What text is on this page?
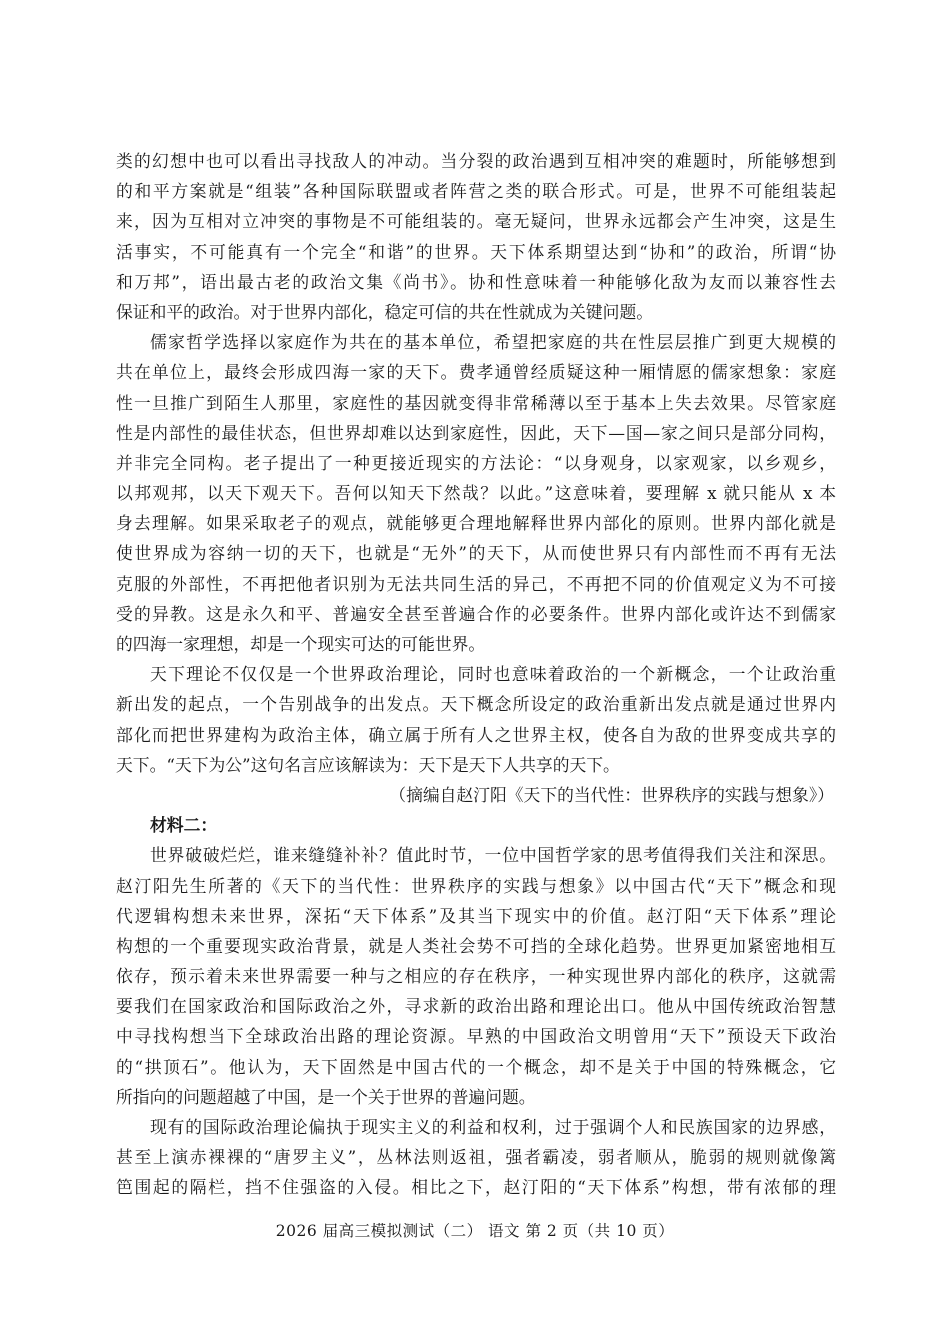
类的幻想中也可以看出寻找敌人的冲动。当分裂的政治遇到互相冲突的难题时，所能够想到
的和平方案就是“组装”各种国际联盟或者阵营之类的联合形式。可是，世界不可能组装起
来，因为互相对立冲突的事物是不可能组装的。毫无疑问，世界永远都会产生冲突，这是生
活事实，不可能真有一个完全“和谐”的世界。天下体系期望达到“协和”的政治，所谓“协
和万邦”，语出最古老的政治文集《尚书》。协和性意味着一种能够化敌为友而以兼容性去
保证和平的政治。对于世界内部化，稳定可信的共在性就成为关键问题。
儒家哲学选择以家庭作为共在的基本单位，希望把家庭的共在性层层推广到更大规模的
共在单位上，最终会形成四海一家的天下。费孝通曾经质疑这种一厢情愿的儒家想象：家庭
性一旦推广到陌生人那里，家庭性的基因就变得非常稀薄以至于基本上失去效果。尽管家庭
性是内部性的最佳状态，但世界却难以达到家庭性，因此，天下—国—家之间只是部分同构，
并非完全同构。老子提出了一种更接近现实的方法论：“以身观身，以家观家，以乡观乡，
以邦观邦，以天下观天下。吾何以知天下然哉？以此。”这意味着，要理解 x 就只能从 x 本
身去理解。如果采取老子的观点，就能够更合理地解释世界内部化的原则。世界内部化就是
使世界成为容纳一切的天下，也就是“无外”的天下，从而使世界只有内部性而不再有无法
克服的外部性，不再把他者识别为无法共同生活的异己，不再把不同的价值观定义为不可接
受的异教。这是永久和平、普遍安全甚至普遍合作的必要条件。世界内部化或许达不到儒家
的四海一家理想，却是一个现实可达的可能世界。
天下理论不仅仅是一个世界政治理论，同时也意味着政治的一个新概念，一个让政治重
新出发的起点，一个告别战争的出发点。天下概念所设定的政治重新出发点就是通过世界内
部化而把世界建构为政治主体，确立属于所有人之世界主权，使各自为敌的世界变成共享的
天下。“天下为公”这句名言应该解读为：天下是天下人共享的天下。
（摘编自赵汀阳《天下的当代性：世界秩序的实践与想象》）
材料二：
世界破破烂烂，谁来缝缝补补？值此时节，一位中国哲学家的思考值得我们关注和深思。
赵汀阳先生所著的《天下的当代性：世界秩序的实践与想象》以中国古代“天下”概念和现
代逻辑构想未来世界，深拓“天下体系”及其当下现实中的价值。赵汀阳“天下体系”理论
构想的一个重要现实政治背景，就是人类社会势不可挡的全球化趋势。世界更加紧密地相互
依存，预示着未来世界需要一种与之相应的存在秩序，一种实现世界内部化的秩序，这就需
要我们在国家政治和国际政治之外，寻求新的政治出路和理论出口。他从中国传统政治智慧
中寻找构想当下全球政治出路的理论资源。早熟的中国政治文明曾用“天下”预设天下政治
的“拱顶石”。他认为，天下固然是中国古代的一个概念，却不是关于中国的特殊概念，它
所指向的问题超越了中国，是一个关于世界的普遍问题。
现有的国际政治理论偏执于现实主义的利益和权利，过于强调个人和民族国家的边界感，
甚至上演赤裸裸的“唐罗主义”，丛林法则返祖，强者霸凌，弱者顺从，脆弱的规则就像篱
笆围起的隔栏，挡不住强盗的入侵。相比之下，赵汀阳的“天下体系”构想，带有浓郁的理
2026 届高三模拟测试（二） 语文 第 2 页（共 10 页）
